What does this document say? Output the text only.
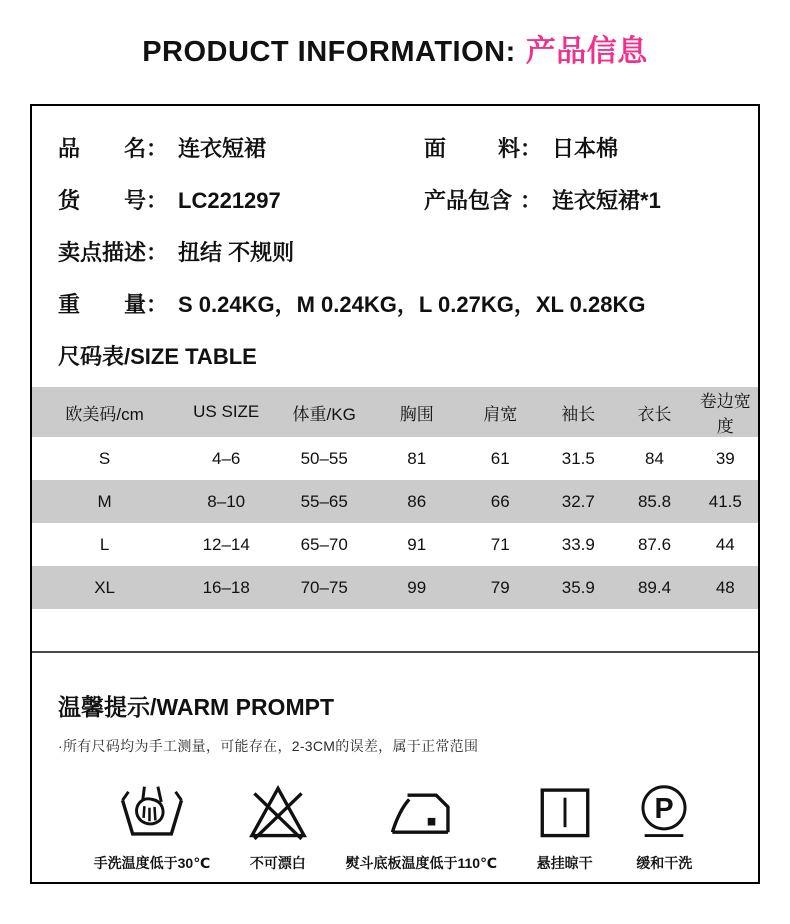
PRODUCT INFORMATION: 产品信息
品 名 ： 连衣短裙	面 料 ： 日本棉
货 号 ： LC221297	产品包含 ： 连衣短裙*1
卖点描述 ： 扭结 不规则
重 量 ： S 0.24KG，M 0.24KG，L 0.27KG，XL 0.28KG
尺码表/SIZE TABLE
欧美码/cm	US SIZE	体重/KG	胸围	肩宽	袖长	衣长	卷边宽度
S	4–6	50–55	81	61	31.5	84	39
M	8–10	55–65	86	66	32.7	85.8	41.5
L	12–14	65–70	91	71	33.9	87.6	44
XL	16–18	70–75	99	79	35.9	89.4	48
温馨提示/WARM PROMPT
·所有尺码均为手工测量，可能存在，2-3CM的误差，属于正常范围
手洗温度低于30℃	不可漂白	熨斗底板温度低于110℃	悬挂晾干
P
缓和干洗
